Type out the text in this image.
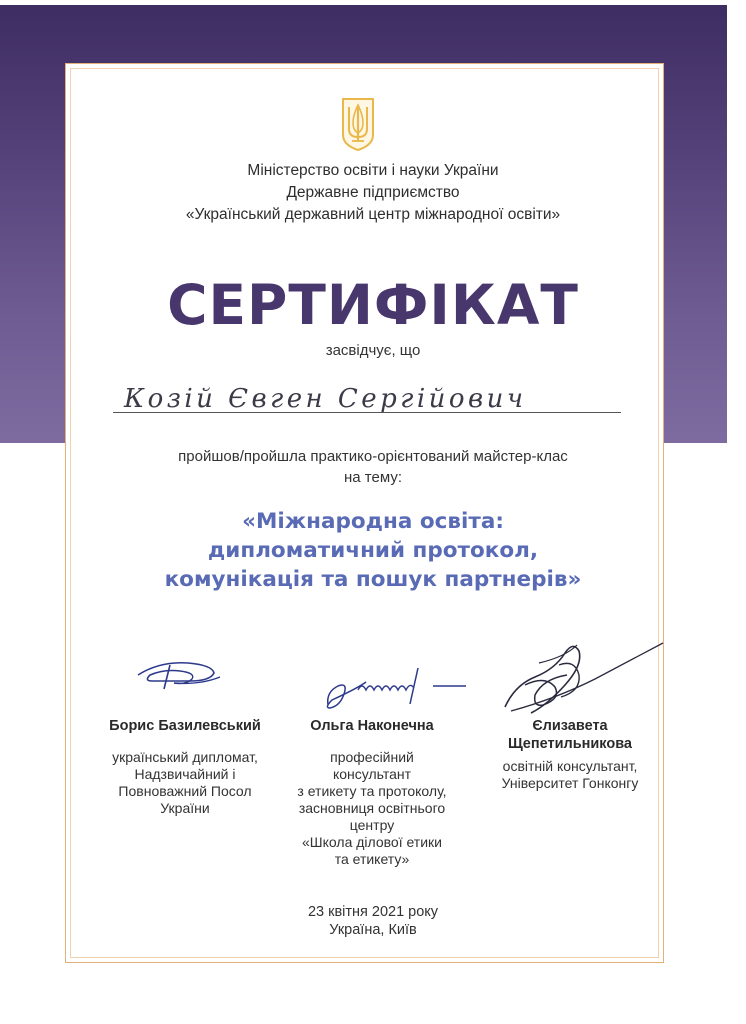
Міністерство освіти і науки України
Державне підприємство
«Український державний центр міжнародної освіти»
СЕРТИФІКАТ
засвідчує, що
Козій Євген Сергійович
пройшов/пройшла практико-орієнтований майстер-клас
на тему:
«Міжнародна освіта:
дипломатичний протокол,
комунікація та пошук партнерів»
Борис Базилевський	Ольга Наконечна	Єлизавета
Щепетильникова
український дипломат,
Надзвичайний і
Повноважний Посол
України
професійний
консультант
з етикету та протоколу,
засновниця освітнього
центру
«Школа ділової етики
та етикету»
освітній консультант,
Університет Гонконгу
23 квітня 2021 року
Україна, Київ
